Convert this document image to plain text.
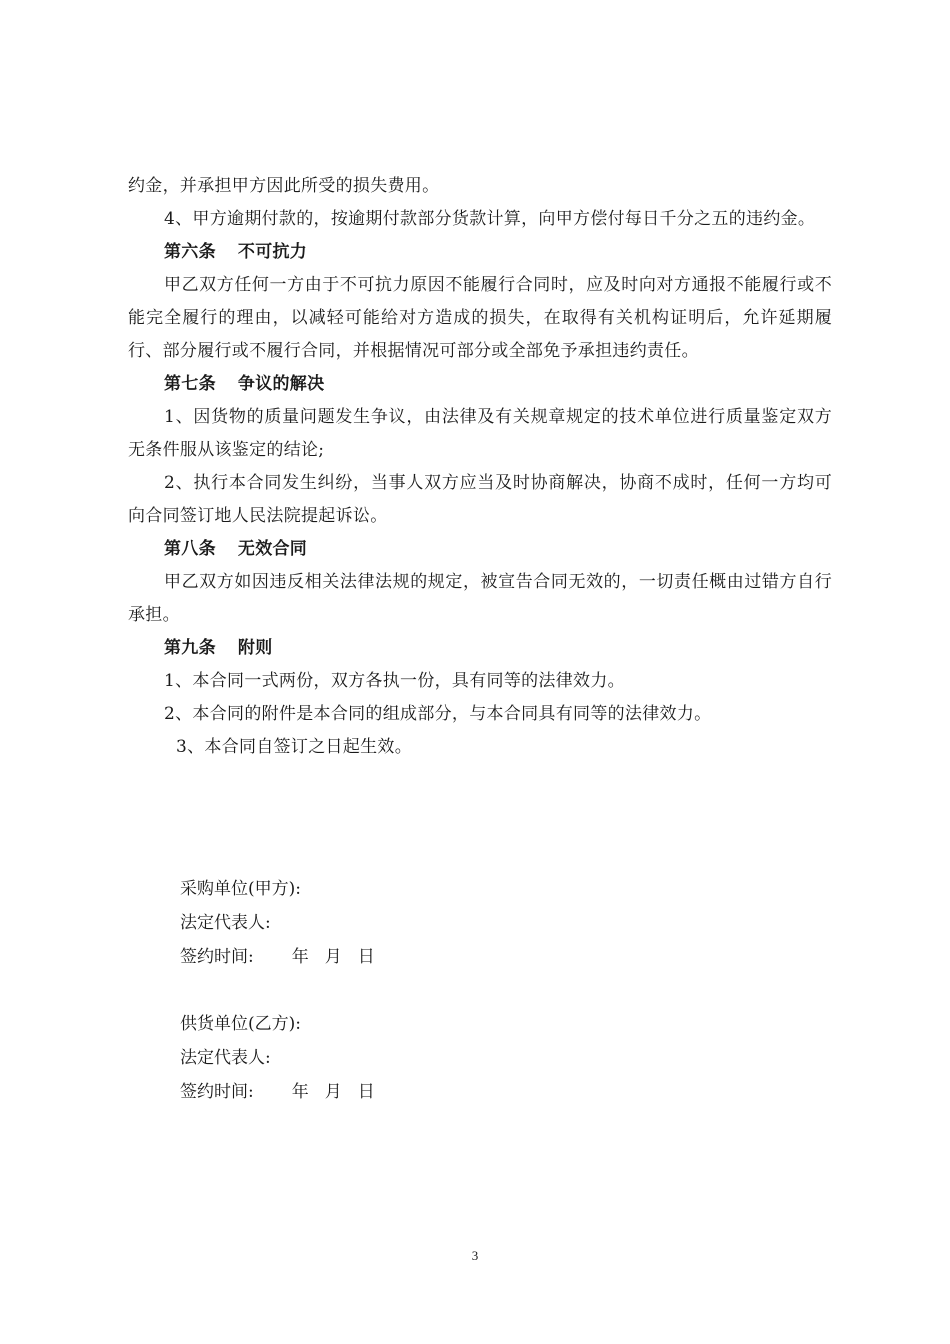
约金，并承担甲方因此所受的损失费用。

4、甲方逾期付款的，按逾期付款部分货款计算，向甲方偿付每日千分之五的违约金。

第六条 不可抗力

甲乙双方任何一方由于不可抗力原因不能履行合同时，应及时向对方通报不能履行或不能完全履行的理由，以减轻可能给对方造成的损失，在取得有关机构证明后，允许延期履行、部分履行或不履行合同，并根据情况可部分或全部免予承担违约责任。

第七条 争议的解决

1、因货物的质量问题发生争议，由法律及有关规章规定的技术单位进行质量鉴定双方无条件服从该鉴定的结论;

2、执行本合同发生纠纷，当事人双方应当及时协商解决，协商不成时，任何一方均可向合同签订地人民法院提起诉讼。

第八条 无效合同

甲乙双方如因违反相关法律法规的规定，被宣告合同无效的，一切责任概由过错方自行承担。

第九条 附则

1、本合同一式两份，双方各执一份，具有同等的法律效力。

2、本合同的附件是本合同的组成部分，与本合同具有同等的法律效力。

3、本合同自签订之日起生效。

采购单位(甲方):

法定代表人:

签约时间: 年 月 日

供货单位(乙方):

法定代表人:

签约时间: 年 月 日

3
